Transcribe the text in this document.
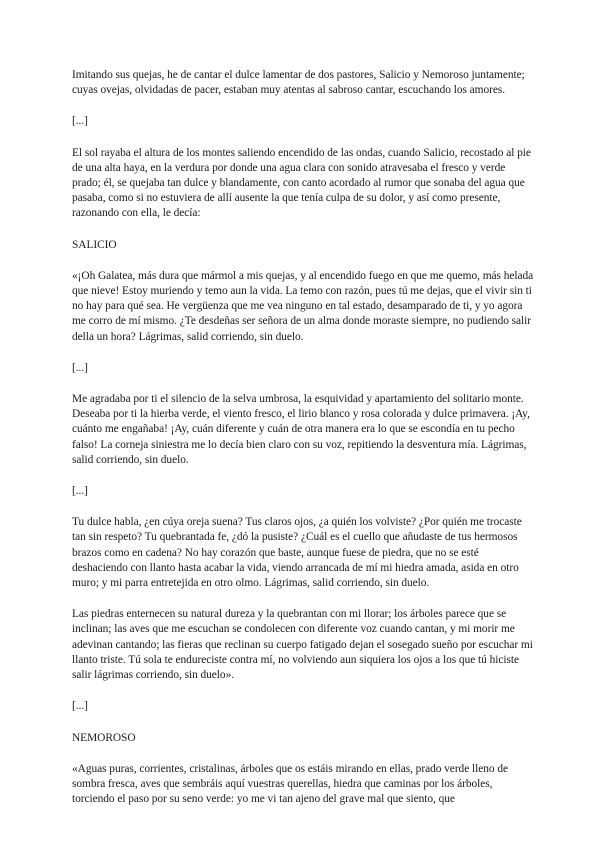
Imitando sus quejas, he de cantar el dulce lamentar de dos pastores, Salicio y Nemoroso juntamente; cuyas ovejas, olvidadas de pacer, estaban muy atentas al sabroso cantar, escuchando los amores.

[...]

El sol rayaba el altura de los montes saliendo encendido de las ondas, cuando Salicio, recostado al pie de una alta haya, en la verdura por donde una agua clara con sonido atravesaba el fresco y verde prado; él, se quejaba tan dulce y blandamente, con canto acordado al rumor que sonaba del agua que pasaba, como si no estuviera de allí ausente la que tenía culpa de su dolor, y así como presente, razonando con ella, le decía:

SALICIO

«¡Oh Galatea, más dura que mármol a mis quejas, y al encendido fuego en que me quemo, más helada que nieve! Estoy muriendo y temo aun la vida. La temo con razón, pues tú me dejas, que el vivir sin ti no hay para qué sea. He vergüenza que me vea ninguno en tal estado, desamparado de ti, y yo agora me corro de mí mismo. ¿Te desdeñas ser señora de un alma donde moraste siempre, no pudiendo salir della un hora? Lágrimas, salid corriendo, sin duelo.

[...]

Me agradaba por ti el silencio de la selva umbrosa, la esquividad y apartamiento del solitario monte. Deseaba por ti la hierba verde, el viento fresco, el lirio blanco y rosa colorada y dulce primavera. ¡Ay, cuánto me engañaba! ¡Ay, cuán diferente y cuán de otra manera era lo que se escondía en tu pecho falso! La corneja siniestra me lo decía bien claro con su voz, repitiendo la desventura mía. Lágrimas, salid corriendo, sin duelo.

[...]

Tu dulce habla, ¿en cúya oreja suena? Tus claros ojos, ¿a quién los volviste? ¿Por quién me trocaste tan sin respeto? Tu quebrantada fe, ¿dó la pusiste? ¿Cuál es el cuello que añudaste de tus hermosos brazos como en cadena? No hay corazón que baste, aunque fuese de piedra, que no se esté deshaciendo con llanto hasta acabar la vida, viendo arrancada de mí mi hiedra amada, asida en otro muro; y mi parra entretejida en otro olmo. Lágrimas, salid corriendo, sin duelo.

Las piedras enternecen su natural dureza y la quebrantan con mi llorar; los árboles parece que se inclinan; las aves que me escuchan se condolecen con diferente voz cuando cantan, y mi morir me adevinan cantando; las fieras que reclinan su cuerpo fatigado dejan el sosegado sueño por escuchar mi llanto triste. Tú sola te endureciste contra mí, no volviendo aun siquiera los ojos a los que tú hiciste salir lágrimas corriendo, sin duelo».

[...]

NEMOROSO

«Aguas puras, corrientes, cristalinas, árboles que os estáis mirando en ellas, prado verde lleno de sombra fresca, aves que sembráis aquí vuestras querellas, hiedra que caminas por los árboles, torciendo el paso por su seno verde: yo me vi tan ajeno del grave mal que siento, que
